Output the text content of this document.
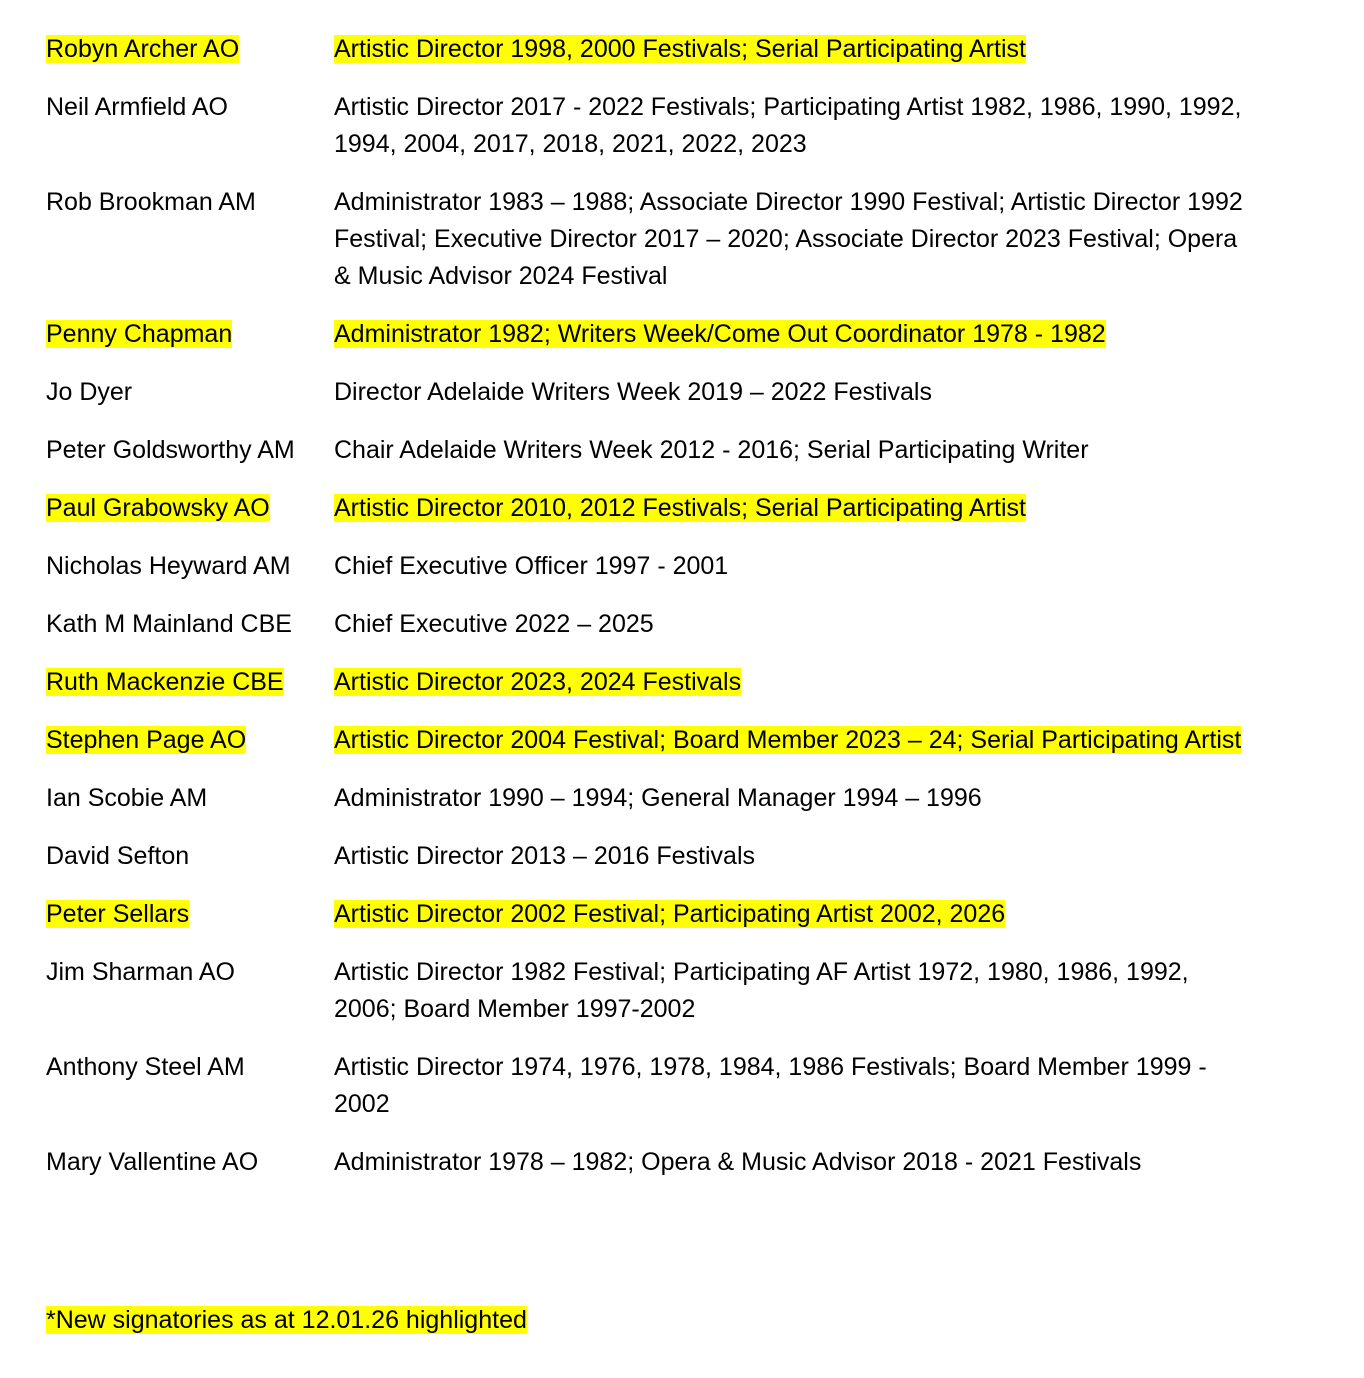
Robyn Archer AO	Artistic Director 1998, 2000 Festivals; Serial Participating Artist
Neil Armfield AO	Artistic Director 2017 - 2022 Festivals; Participating Artist 1982, 1986, 1990, 1992, 1994, 2004, 2017, 2018, 2021, 2022, 2023
Rob Brookman AM	Administrator 1983 – 1988; Associate Director 1990 Festival; Artistic Director 1992 Festival; Executive Director 2017 – 2020; Associate Director 2023 Festival; Opera & Music Advisor 2024 Festival
Penny Chapman	Administrator 1982; Writers Week/Come Out Coordinator 1978 - 1982
Jo Dyer	Director Adelaide Writers Week 2019 – 2022 Festivals
Peter Goldsworthy AM	Chair Adelaide Writers Week 2012 - 2016; Serial Participating Writer
Paul Grabowsky AO	Artistic Director 2010, 2012 Festivals; Serial Participating Artist
Nicholas Heyward AM	Chief Executive Officer 1997 - 2001
Kath M Mainland CBE	Chief Executive 2022 – 2025
Ruth Mackenzie CBE	Artistic Director 2023, 2024 Festivals
Stephen Page AO	Artistic Director 2004 Festival; Board Member 2023 – 24; Serial Participating Artist
Ian Scobie AM	Administrator 1990 – 1994; General Manager 1994 – 1996
David Sefton	Artistic Director 2013 – 2016 Festivals
Peter Sellars	Artistic Director 2002 Festival; Participating Artist 2002, 2026
Jim Sharman AO	Artistic Director 1982 Festival; Participating AF Artist 1972, 1980, 1986, 1992, 2006; Board Member 1997-2002
Anthony Steel AM	Artistic Director 1974, 1976, 1978, 1984, 1986 Festivals; Board Member 1999 - 2002
Mary Vallentine AO	Administrator 1978 – 1982; Opera & Music Advisor 2018 - 2021 Festivals
*New signatories as at 12.01.26 highlighted
